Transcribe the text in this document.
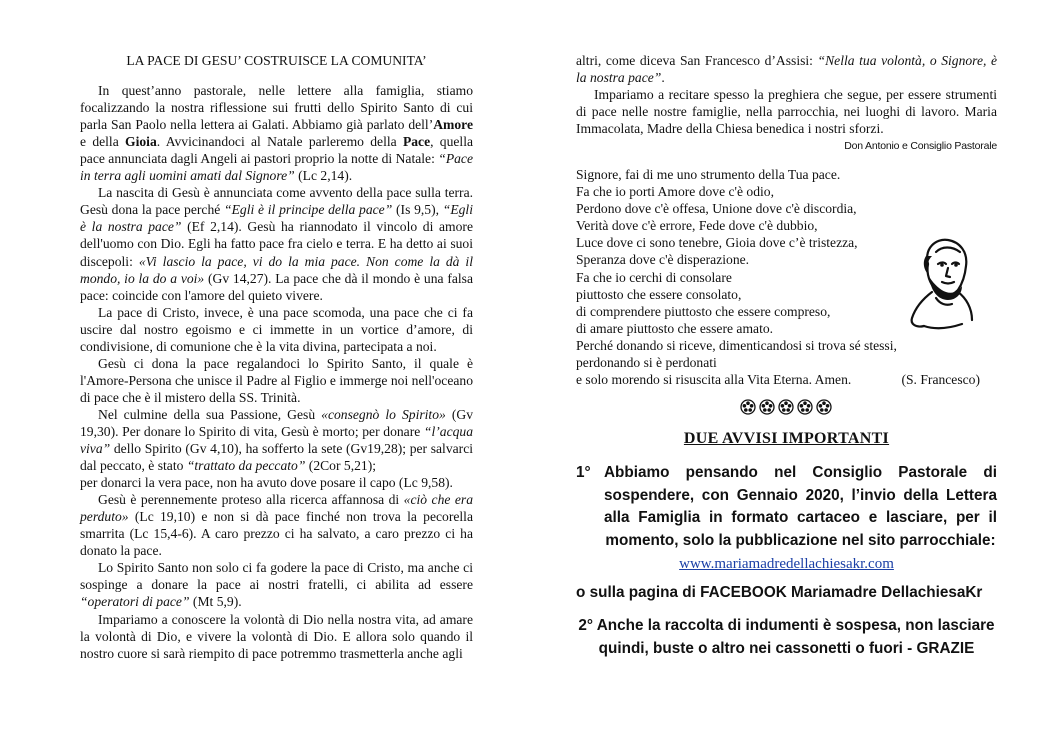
LA PACE DI GESU’ COSTRUISCE LA COMUNITA’

In quest’anno pastorale, nelle lettere alla famiglia, stiamo focalizzando la nostra riflessione sui frutti dello Spirito Santo di cui parla San Paolo nella lettera ai Galati. Abbiamo già parlato dell’Amore e della Gioia. Avvicinandoci al Natale parleremo della Pace, quella pace annunciata dagli Angeli ai pastori proprio la notte di Natale: “Pace in terra agli uomini amati dal Signore” (Lc 2,14).

La nascita di Gesù è annunciata come avvento della pace sulla terra. Gesù dona la pace perché “Egli è il principe della pace” (Is 9,5), “Egli è la nostra pace” (Ef 2,14). Gesù ha riannodato il vincolo di amore dell'uomo con Dio. Egli ha fatto pace fra cielo e terra. E ha detto ai suoi discepoli: «Vi lascio la pace, vi do la mia pace. Non come la dà il mondo, io la do a voi» (Gv 14,27). La pace che dà il mondo è una falsa pace: coincide con l'amore del quieto vivere.

La pace di Cristo, invece, è una pace scomoda, una pace che ci fa uscire dal nostro egoismo e ci immette in un vortice d’amore, di condivisione, di comunione che è la vita divina, partecipata a noi.

Gesù ci dona la pace regalandoci lo Spirito Santo, il quale è l'Amore-Persona che unisce il Padre al Figlio e immerge noi nell'oceano di pace che è il mistero della SS. Trinità.

Nel culmine della sua Passione, Gesù «consegnò lo Spirito» (Gv 19,30). Per donare lo Spirito di vita, Gesù è morto; per donare “l’acqua viva” dello Spirito (Gv 4,10), ha sofferto la sete (Gv19,28); per salvarci dal peccato, è stato “trattato da peccato” (2Cor 5,21);

per donarci la vera pace, non ha avuto dove posare il capo (Lc 9,58).

Gesù è perennemente proteso alla ricerca affannosa di «ciò che era perduto» (Lc 19,10) e non si dà pace finché non trova la pecorella smarrita (Lc 15,4-6). A caro prezzo ci ha salvato, a caro prezzo ci ha donato la pace.

Lo Spirito Santo non solo ci fa godere la pace di Cristo, ma anche ci sospinge a donare la pace ai nostri fratelli, ci abilita ad essere “operatori di pace” (Mt 5,9).

Impariamo a conoscere la volontà di Dio nella nostra vita, ad amare la volontà di Dio, e vivere la volontà di Dio. E allora solo quando il nostro cuore si sarà riempito di pace potremmo trasmetterla anche agli

altri, come diceva San Francesco d’Assisi: “Nella tua volontà, o Signore, è la nostra pace”.

Impariamo a recitare spesso la preghiera che segue, per essere strumenti di pace nelle nostre famiglie, nella parrocchia, nei luoghi di lavoro. Maria Immacolata, Madre della Chiesa benedica i nostri sforzi.

Don Antonio e Consiglio Pastorale
Signore, fai di me uno strumento della Tua pace.
Fa che io porti Amore dove c'è odio,
Perdono dove c'è offesa, Unione dove c'è discordia,
Verità dove c'è errore, Fede dove c'è dubbio,
Luce dove ci sono tenebre, Gioia dove c’è tristezza,
Speranza dove c'è disperazione.
Fa che io cerchi di consolare
piuttosto che essere consolato,
di comprendere piuttosto che essere compreso,
di amare piuttosto che essere amato.
Perché donando si riceve, dimenticandosi si trova sé stessi,
perdonando si è perdonati
e solo morendo si risuscita alla Vita Eterna. Amen.	(S. Francesco)
DUE AVVISI IMPORTANTI
1° Abbiamo pensando nel Consiglio Pastorale di sospendere, con Gennaio 2020, l’invio della Lettera alla Famiglia in formato cartaceo e lasciare, per il momento, solo la pubblicazione nel sito parrocchiale:
www.mariamadredellachiesakr.com
o sulla pagina di FACEBOOK Mariamadre DellachiesaKr
2° Anche la raccolta di indumenti è sospesa, non lasciare quindi, buste o altro nei cassonetti o fuori - GRAZIE
